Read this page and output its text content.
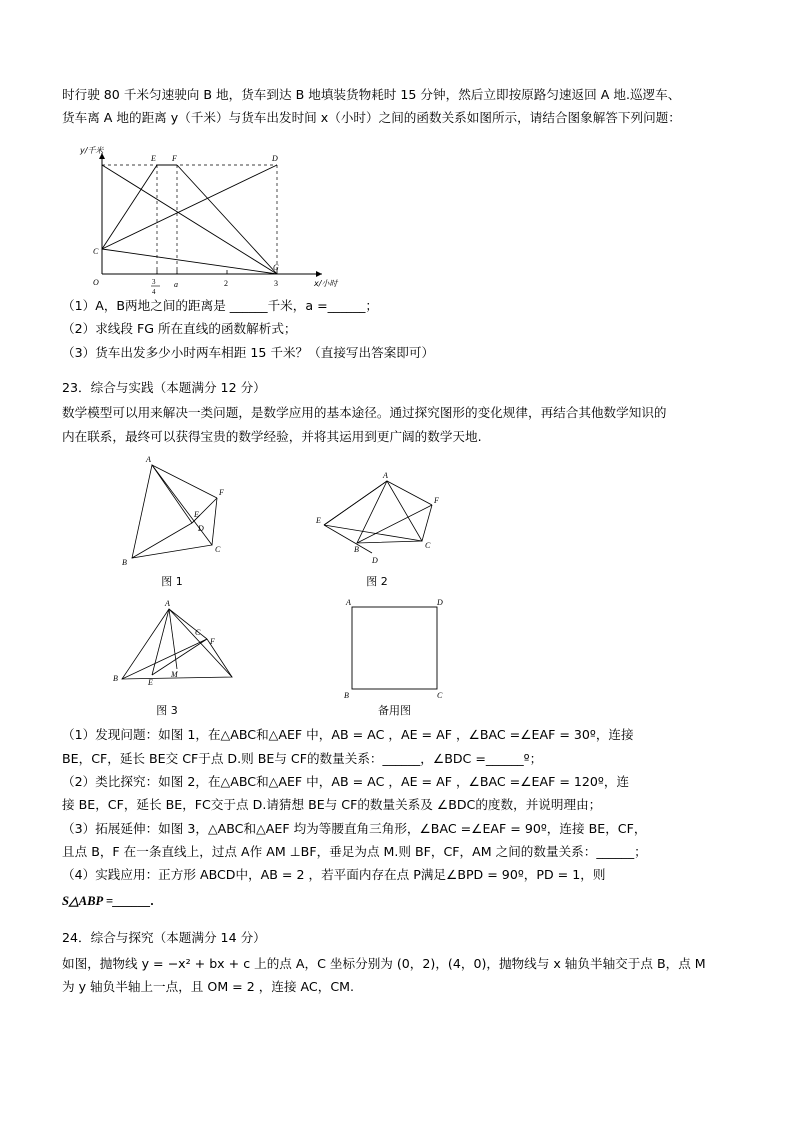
时行驶 80 千米匀速驶向 B 地，货车到达 B 地填装货物耗时 15 分钟，然后立即按原路匀速返回 A 地.巡逻车、

货车离 A 地的距离 y（千米）与货车出发时间 x（小时）之间的函数关系如图所示，请结合图象解答下列问题：

y/千米
x/小时
O
C
E F	D
G
3
4
a	2	3

（1）A，B两地之间的距离是 ______千米，a =______；

（2）求线段 FG 所在直线的函数解析式；

（3）货车出发多少小时两车相距 15 千米？（直接写出答案即可）

23．综合与实践（本题满分 12 分）

数学模型可以用来解决一类问题，是数学应用的基本途径。通过探究图形的变化规律，再结合其他数学知识的

内在联系，最终可以获得宝贵的数学经验，并将其运用到更广阔的数学天地.

A
F
E
D
B
C
图 1
A
E
F
B	C
D
图 2
A
C
F
B	E
M
图 3
A	D
B	C
备用图

（1）发现问题：如图 1，在△ABC和△AEF 中，AB = AC ，AE = AF ，∠BAC =∠EAF = 30º，连接

BE，CF，延长 BE交 CF于点 D.则 BE与 CF的数量关系：______，∠BDC =______º；

（2）类比探究：如图 2，在△ABC和△AEF 中，AB = AC ，AE = AF ，∠BAC =∠EAF = 120º，连

接 BE，CF，延长 BE，FC交于点 D.请猜想 BE与 CF的数量关系及 ∠BDC的度数，并说明理由；

（3）拓展延伸：如图 3，△ABC和△AEF 均为等腰直角三角形，∠BAC =∠EAF = 90º，连接 BE，CF，

且点 B，F 在一条直线上，过点 A作 AM ⊥BF，垂足为点 M.则 BF，CF，AM 之间的数量关系：______；

（4）实践应用：正方形 ABCD中，AB = 2 ，若平面内存在点 P满足∠BPD = 90º，PD = 1，则

S△ABP =______.

24．综合与探究（本题满分 14 分）

如图，抛物线 y = −x² + bx + c 上的点 A，C 坐标分别为 (0，2)，(4，0)，抛物线与 x 轴负半轴交于点 B，点 M

为 y 轴负半轴上一点，且 OM = 2 ，连接 AC，CM.
